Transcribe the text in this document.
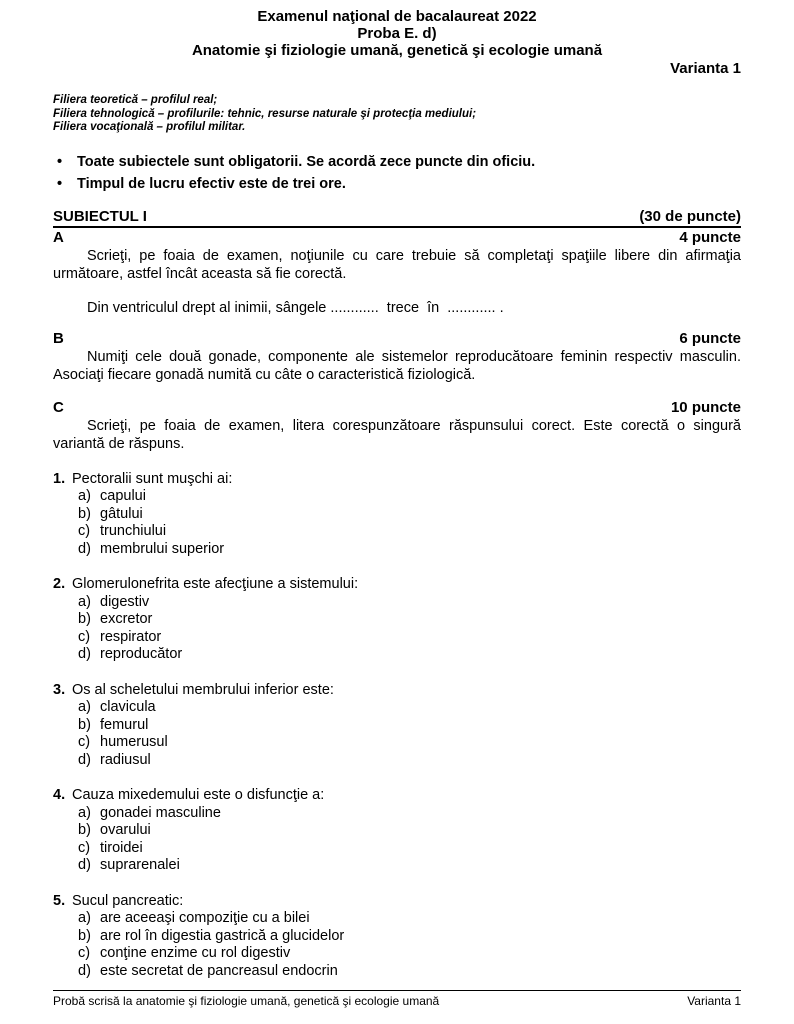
Examenul naţional de bacalaureat 2022
Proba E. d)
Anatomie şi fiziologie umană, genetică şi ecologie umană
Varianta 1
Filiera teoretică – profilul real;
Filiera tehnologică – profilurile: tehnic, resurse naturale şi protecţia mediului;
Filiera vocaţională – profilul militar.
•	Toate subiectele sunt obligatorii. Se acordă zece puncte din oficiu.
•	Timpul de lucru efectiv este de trei ore.
SUBIECTUL I	(30 de puncte)
A	4 puncte
Scrieţi, pe foaia de examen, noţiunile cu care trebuie să completaţi spaţiile libere din afirmaţia următoare, astfel încât aceasta să fie corectă.
Din ventriculul drept al inimii, sângele ............  trece  în  ............ .
B	6 puncte
Numiţi cele două gonade, componente ale sistemelor reproducătoare feminin respectiv masculin. Asociaţi fiecare gonadă numită cu câte o caracteristică fiziologică.
C	10 puncte
Scrieţi, pe foaia de examen, litera corespunzătoare răspunsului corect. Este corectă o singură variantă de răspuns.
1. Pectoralii sunt muşchi ai:
a) capului
b) gâtului
c) trunchiului
d) membrului superior
2. Glomerulonefrita este afecţiune a sistemului:
a) digestiv
b) excretor
c) respirator
d) reproducător
3. Os al scheletului membrului inferior este:
a) clavicula
b) femurul
c) humerusul
d) radiusul
4. Cauza mixedemului este o disfuncţie a:
a) gonadei masculine
b) ovarului
c) tiroidei
d) suprarenalei
5. Sucul pancreatic:
a) are aceeaşi compoziţie cu a bilei
b) are rol în digestia gastrică a glucidelor
c) conţine enzime cu rol digestiv
d) este secretat de pancreasul endocrin
Probă scrisă la anatomie şi fiziologie umană, genetică şi ecologie umană	Varianta 1
